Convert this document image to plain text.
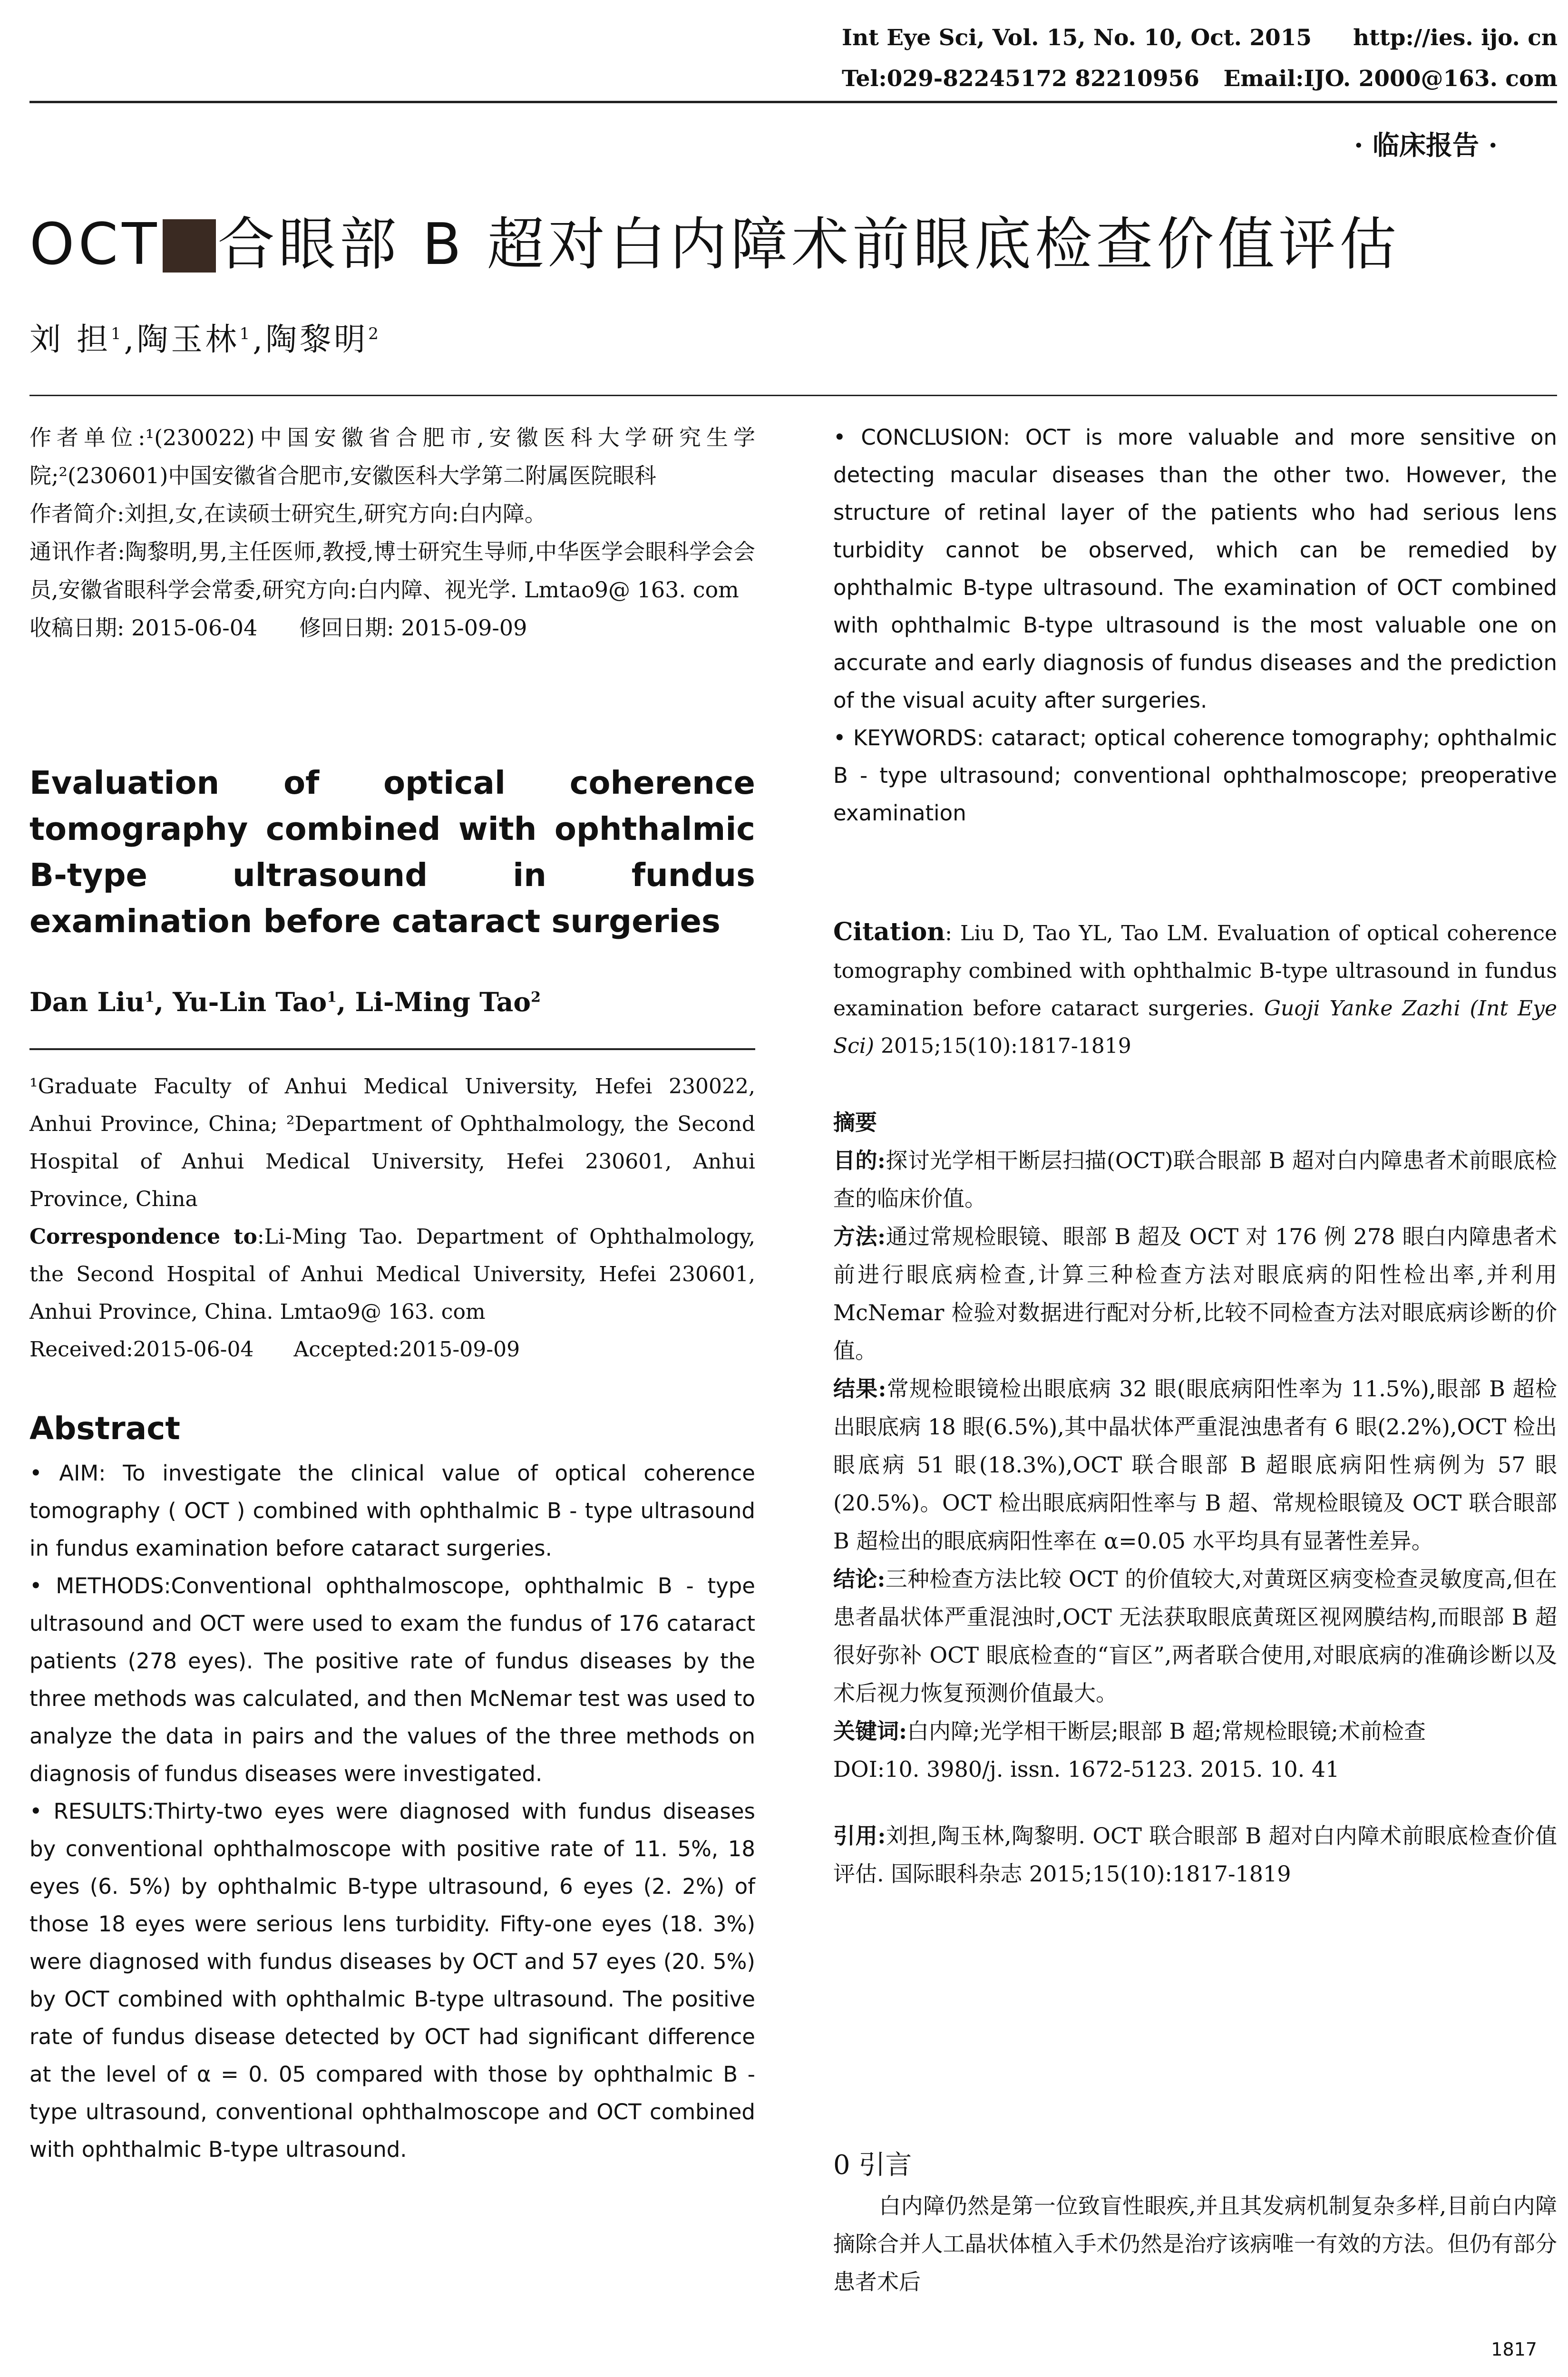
Int Eye Sci, Vol. 15, No. 10, Oct. 2015 http://ies. ijo. cn
Tel:029-82245172 82210956 Email:IJO. 2000@163. com
· 临床报告 ·
OCT 合眼部 B 超对白内障术前眼底检查价值评估
刘 担$^1$,陶玉林$^1$,陶黎明$^2$

作者单位:¹(230022)中国安徽省合肥市,安徽医科大学研究生学院;²(230601)中国安徽省合肥市,安徽医科大学第二附属医院眼科

作者简介:刘担,女,在读硕士研究生,研究方向:白内障。

通讯作者:陶黎明,男,主任医师,教授,博士研究生导师,中华医学会眼科学会会员,安徽省眼科学会常委,研究方向:白内障、视光学. Lmtao9@ 163. com

收稿日期: 2015-06-04      修回日期: 2015-09-09

Evaluation of optical coherence tomography combined with ophthalmic B-type ultrasound in fundus examination before cataract surgeries
Dan Liu$^1$, Yu-Lin Tao$^1$, Li-Ming Tao$^2$

¹Graduate Faculty of Anhui Medical University, Hefei 230022, Anhui Province, China; ²Department of Ophthalmology, the Second Hospital of Anhui Medical University, Hefei 230601, Anhui Province, China

Correspondence to:Li-Ming Tao. Department of Ophthalmology, the Second Hospital of Anhui Medical University, Hefei 230601, Anhui Province, China. Lmtao9@ 163. com

Received:2015-06-04      Accepted:2015-09-09

Abstract

• AIM: To investigate the clinical value of optical coherence tomography ( OCT ) combined with ophthalmic B - type ultrasound in fundus examination before cataract surgeries.

• METHODS:Conventional ophthalmoscope, ophthalmic B - type ultrasound and OCT were used to exam the fundus of 176 cataract patients (278 eyes). The positive rate of fundus diseases by the three methods was calculated, and then McNemar test was used to analyze the data in pairs and the values of the three methods on diagnosis of fundus diseases were investigated.

• RESULTS:Thirty-two eyes were diagnosed with fundus diseases by conventional ophthalmoscope with positive rate of 11. 5%, 18 eyes (6. 5%) by ophthalmic B-type ultrasound, 6 eyes (2. 2%) of those 18 eyes were serious lens turbidity. Fifty-one eyes (18. 3%) were diagnosed with fundus diseases by OCT and 57 eyes (20. 5%) by OCT combined with ophthalmic B-type ultrasound. The positive rate of fundus disease detected by OCT had significant difference at the level of α = 0. 05 compared with those by ophthalmic B - type ultrasound, conventional ophthalmoscope and OCT combined with ophthalmic B-type ultrasound.

• CONCLUSION: OCT is more valuable and more sensitive on detecting macular diseases than the other two. However, the structure of retinal layer of the patients who had serious lens turbidity cannot be observed, which can be remedied by ophthalmic B-type ultrasound. The examination of OCT combined with ophthalmic B-type ultrasound is the most valuable one on accurate and early diagnosis of fundus diseases and the prediction of the visual acuity after surgeries.

• KEYWORDS: cataract; optical coherence tomography; ophthalmic B - type ultrasound; conventional ophthalmoscope; preoperative examination

Citation: Liu D, Tao YL, Tao LM. Evaluation of optical coherence tomography combined with ophthalmic B-type ultrasound in fundus examination before cataract surgeries. Guoji Yanke Zazhi (Int Eye Sci) 2015;15(10):1817-1819

摘要

目的:探讨光学相干断层扫描(OCT)联合眼部 B 超对白内障患者术前眼底检查的临床价值。

方法:通过常规检眼镜、眼部 B 超及 OCT 对 176 例 278 眼白内障患者术前进行眼底病检查,计算三种检查方法对眼底病的阳性检出率,并利用 McNemar 检验对数据进行配对分析,比较不同检查方法对眼底病诊断的价值。

结果:常规检眼镜检出眼底病 32 眼(眼底病阳性率为 11.5%),眼部 B 超检出眼底病 18 眼(6.5%),其中晶状体严重混浊患者有 6 眼(2.2%),OCT 检出眼底病 51 眼(18.3%),OCT 联合眼部 B 超眼底病阳性病例为 57 眼(20.5%)。OCT 检出眼底病阳性率与 B 超、常规检眼镜及 OCT 联合眼部 B 超检出的眼底病阳性率在 α=0.05 水平均具有显著性差异。

结论:三种检查方法比较 OCT 的价值较大,对黄斑区病变检查灵敏度高,但在患者晶状体严重混浊时,OCT 无法获取眼底黄斑区视网膜结构,而眼部 B 超很好弥补 OCT 眼底检查的“盲区”,两者联合使用,对眼底病的准确诊断以及术后视力恢复预测价值最大。

关键词:白内障;光学相干断层;眼部 B 超;常规检眼镜;术前检查

DOI:10. 3980/j. issn. 1672-5123. 2015. 10. 41

引用:刘担,陶玉林,陶黎明. OCT 联合眼部 B 超对白内障术前眼底检查价值评估. 国际眼科杂志 2015;15(10):1817-1819

0 引言

白内障仍然是第一位致盲性眼疾,并且其发病机制复杂多样,目前白内障摘除合并人工晶状体植入手术仍然是治疗该病唯一有效的方法。但仍有部分患者术后

1817
